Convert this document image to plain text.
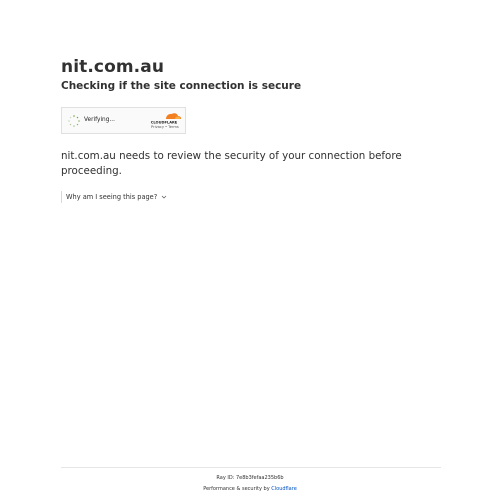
nit.com.au
Checking if the site connection is secure
Verifying...	CLOUDFLARE
Privacy•Terms

nit.com.au needs to review the security of your connection before proceeding.

Why am I seeing this page?
Ray ID: 7e8b3fefaa235b6b
Performance & security by Cloudflare
